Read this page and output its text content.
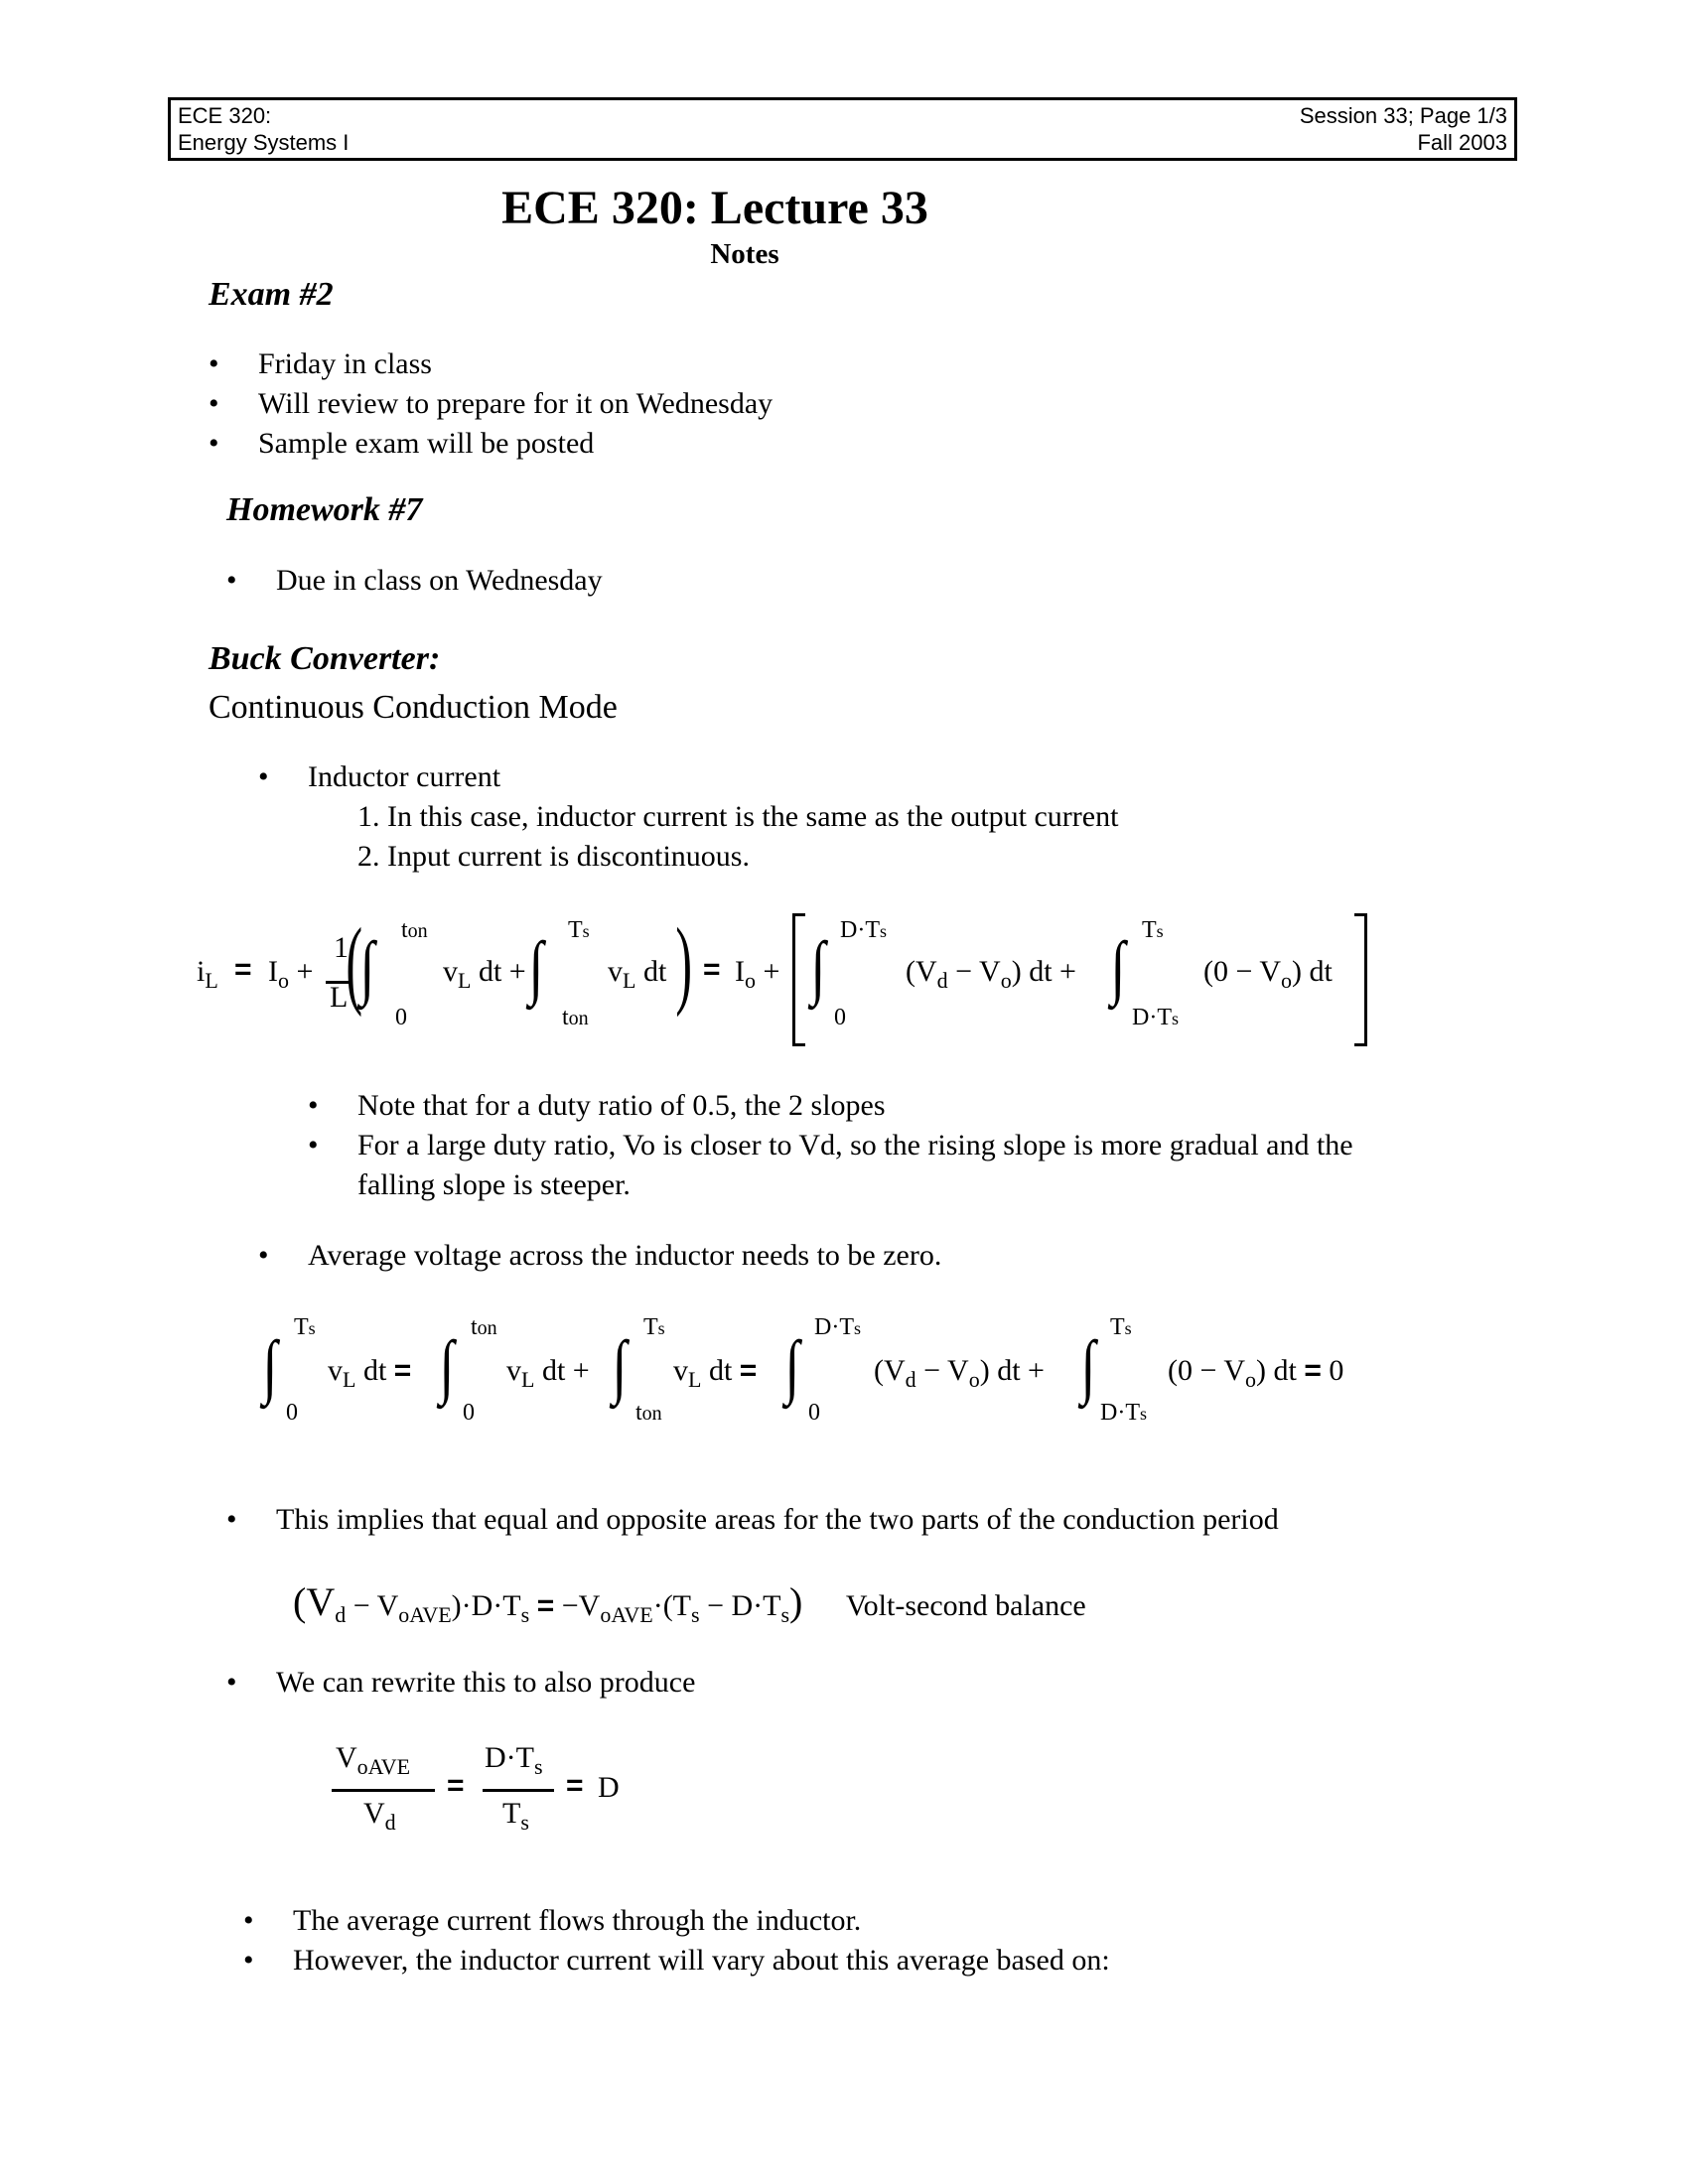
ECE 320:
Energy Systems I
Session 33; Page 1/3
Fall 2003
ECE 320: Lecture 33
Notes
Exam #2
• Friday in class
• Will review to prepare for it on Wednesday
• Sample exam will be posted
Homework #7
• Due in class on Wednesday
Buck Converter:
Continuous Conduction Mode
• Inductor current
1. In this case, inductor current is the same as the output current
2. Input current is discontinuous.
$i_L = I_o$ +
1
L
(
∫ ton
0
$v_L$ dt + ∫ Ts
ton
$v_L$ dt ) = $I_o$ + ∫ D·Ts
0
$(V_d - V_o)$ dt + ∫ Ts
D·Ts
$(0 - V_o)$ dt
• Note that for a duty ratio of 0.5, the 2 slopes
• For a large duty ratio, Vo is closer to Vd, so the rising slope is more gradual and the
falling slope is steeper.
• Average voltage across the inductor needs to be zero.
∫ Ts
0
$v_L$ dt = ∫ ton
0
$v_L$ dt + ∫ Ts
ton
$v_L$ dt = ∫ D·Ts
0
$(V_d - V_o)$ dt + ∫ Ts
D·Ts
$(0 - V_o)$ dt = 0
• This implies that equal and opposite areas for the two parts of the conduction period
$(V_d - V_{oAVE})\cdot D\cdot T_s = -V_{oAVE}\cdot(T_s - D\cdot T_s)$ Volt-second balance
• We can rewrite this to also produce
$V_{oAVE}$
$V_d$
=
$D\cdot T_s$
$T_s$
= D
• The average current flows through the inductor.
• However, the inductor current will vary about this average based on:
